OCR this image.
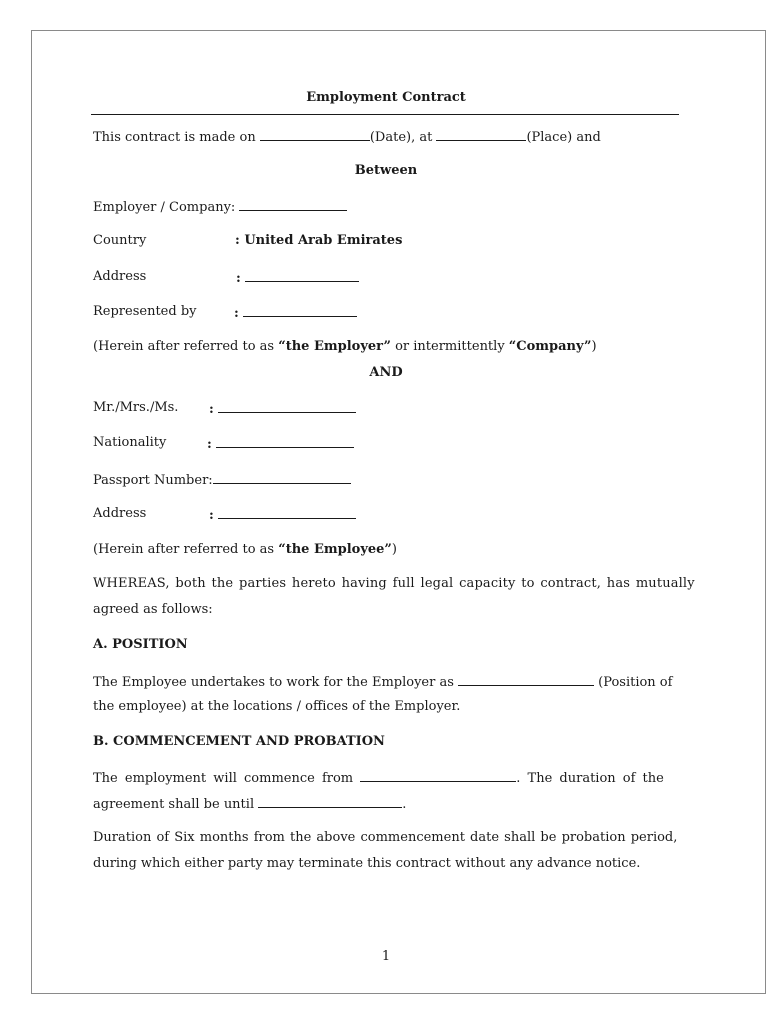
Employment Contract
This contract is made on	(Date), at	(Place) and
Between
Employer / Company:
Country	: United Arab Emirates
Address	:
Represented by	:
(Herein after referred to as “the Employer” or intermittently “Company”)
AND
Mr./Mrs./Ms. :
Nationality	:
Passport Number:
Address	:
(Herein after referred to as “the Employee”)
WHEREAS, both the parties hereto having full legal capacity to contract, has mutually
agreed as follows:
A. POSITION
The Employee undertakes to work for the Employer as	(Position of
the employee) at the locations / offices of the Employer.
B. COMMENCEMENT AND PROBATION
The employment will commence from	. The duration of the
agreement shall be until	.
Duration of Six months from the above commencement date shall be probation period,
during which either party may terminate this contract without any advance notice.
1
